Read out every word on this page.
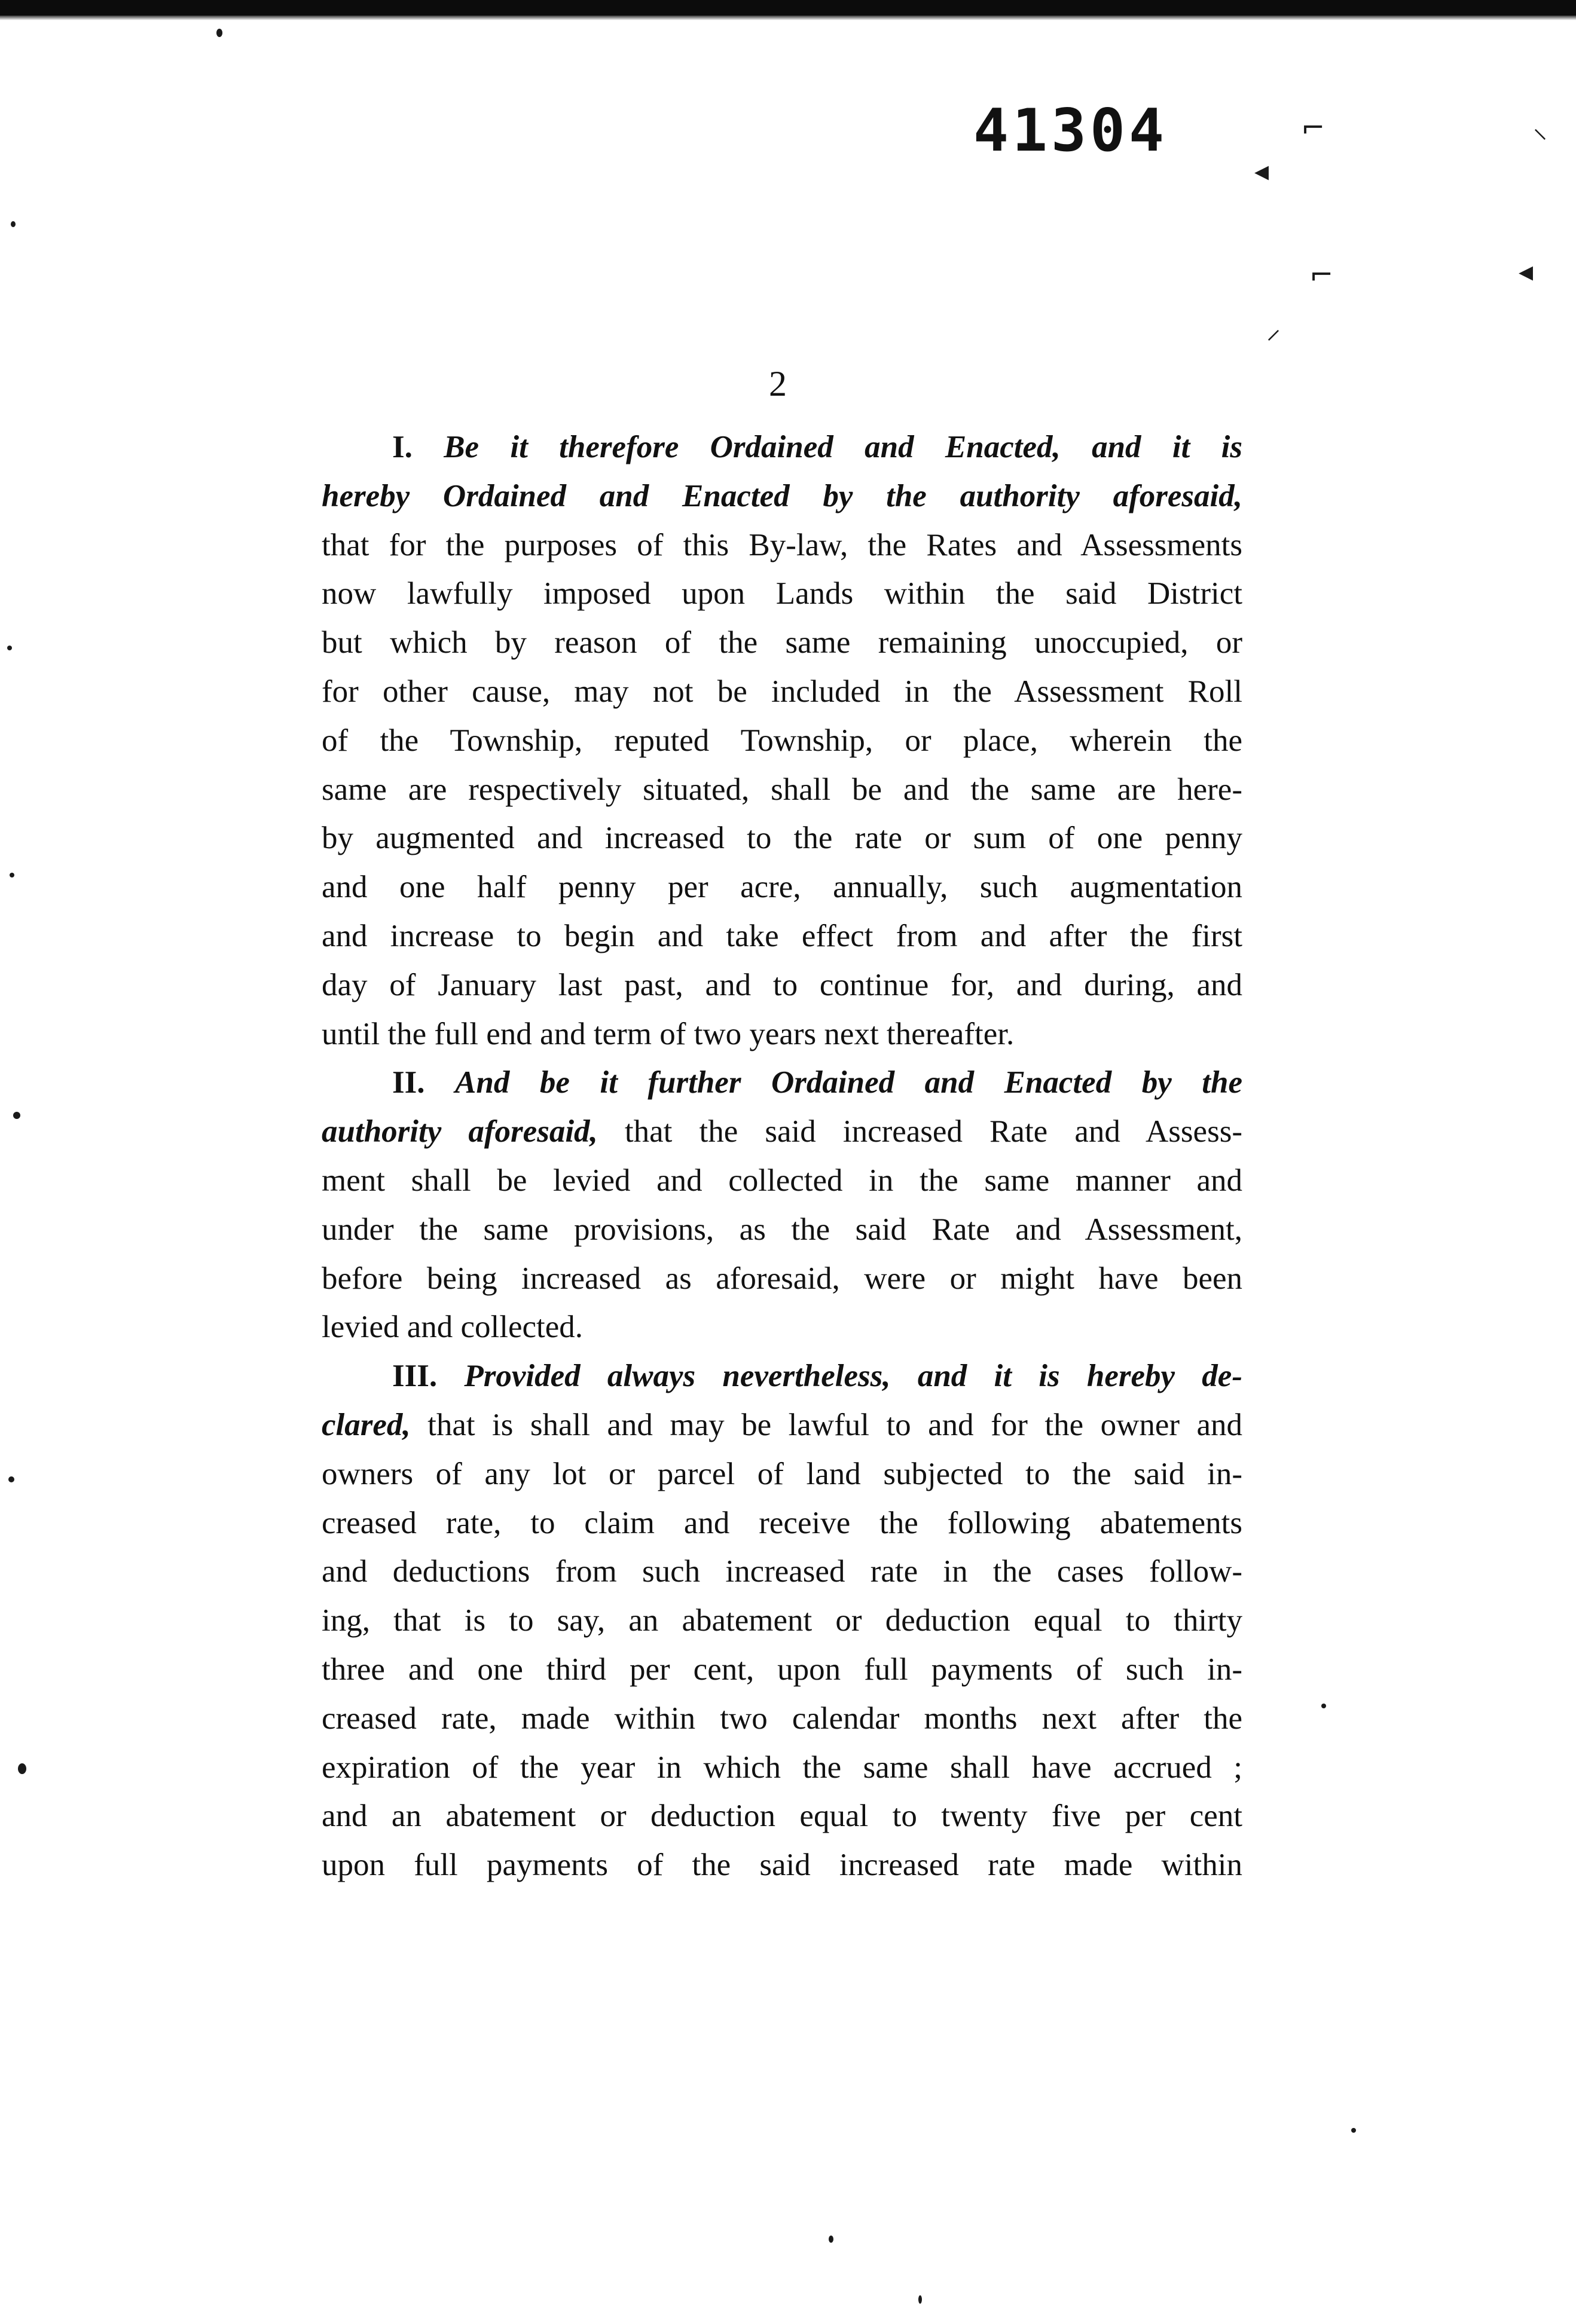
◂
⌐	⸜
⌐
⸝
◂
41304
2
I. Be it therefore Ordained and Enacted, and it is
hereby Ordained and Enacted by the authority aforesaid,
that for the purposes of this By-law, the Rates and Assessments
now lawfully imposed upon Lands within the said District
but which by reason of the same remaining unoccupied, or
for other cause, may not be included in the Assessment Roll
of the Township, reputed Township, or place, wherein the
same are respectively situated, shall be and the same are here-
by augmented and increased to the rate or sum of one penny
and one half penny per acre, annually, such augmentation
and increase to begin and take effect from and after the first
day of January last past, and to continue for, and during, and
until the full end and term of two years next thereafter.
II. And be it further Ordained and Enacted by the
authority aforesaid, that the said increased Rate and Assess-
ment shall be levied and collected in the same manner and
under the same provisions, as the said Rate and Assessment,
before being increased as aforesaid, were or might have been
levied and collected.
III. Provided always nevertheless, and it is hereby de-
clared, that is shall and may be lawful to and for the owner and
owners of any lot or parcel of land subjected to the said in-
creased rate, to claim and receive the following abatements
and deductions from such increased rate in the cases follow-
ing, that is to say, an abatement or deduction equal to thirty
three and one third per cent, upon full payments of such in-
creased rate, made within two calendar months next after the
expiration of the year in which the same shall have accrued ;
and an abatement or deduction equal to twenty five per cent
upon full payments of the said increased rate made within
